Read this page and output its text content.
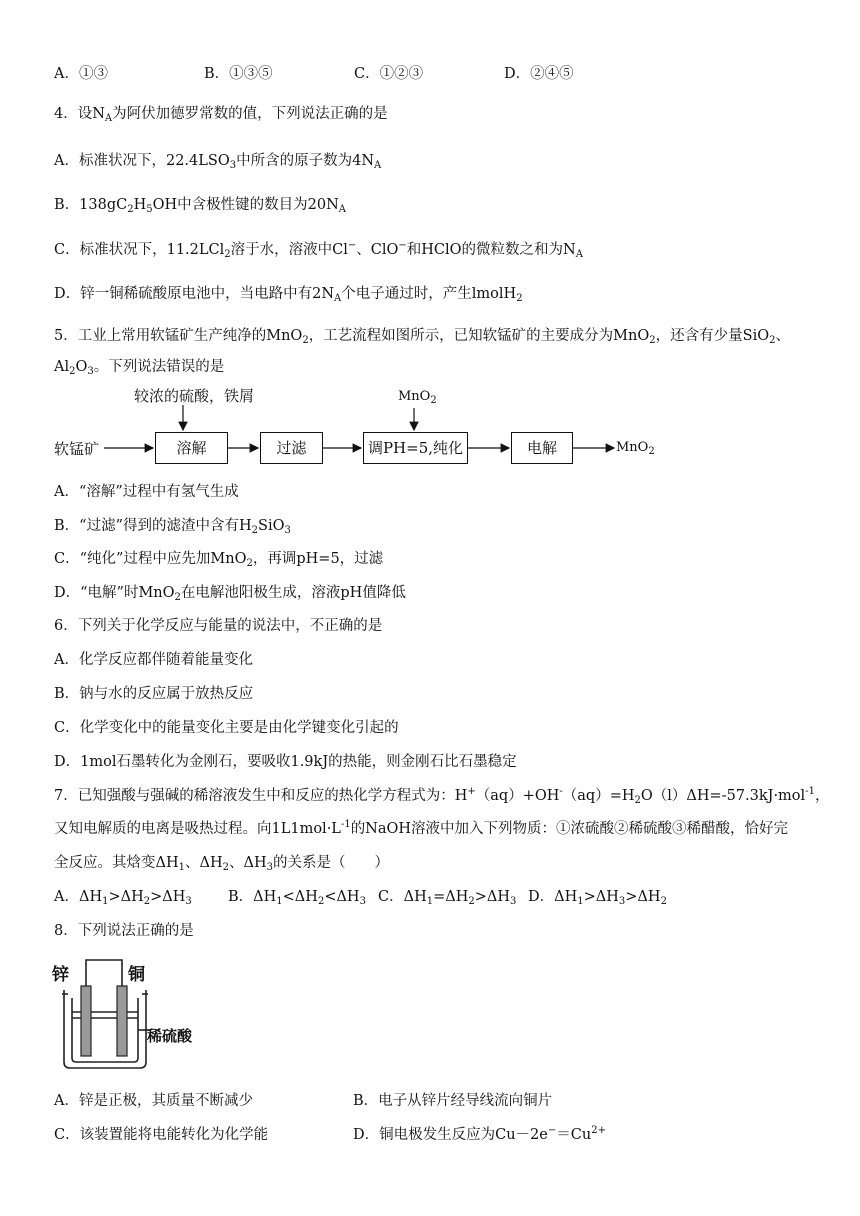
A．①③	B．①③⑤	C．①②③	D．②④⑤
4．设$N_A$为阿伏加德罗常数的值，下列说法正确的是
A．标准状况下，$22.4LSO_3$中所含的原子数为$4N_A$
B．$138gC_2H_5OH$中含极性键的数目为$20N_A$
C．标准状况下，11.2LCl$_2$溶于水，溶液中Cl−、ClO−和HClO的微粒数之和为$N_A$
D．锌一铜稀硫酸原电池中，当电路中有$2N_A$个电子通过时，产生lmolH$_2$
5．工业上常用软锰矿生产纯净的MnO$_2$，工艺流程如图所示，已知软锰矿的主要成分为MnO$_2$，还含有少量SiO$_2$、
$Al_2O_3$。下列说法错误的是
较浓的硫酸，铁屑	MnO$_2$
软锰矿	溶解	过滤	调PH=5,纯化	电解	MnO$_2$
A．“溶解”过程中有氢气生成
B．“过滤”得到的滤渣中含有$H_2SiO_3$
C．“纯化”过程中应先加MnO$_2$，再调pH=5，过滤
D．“电解”时MnO$_2$在电解池阳极生成，溶液pH值降低
6．下列关于化学反应与能量的说法中，不正确的是
A．化学反应都伴随着能量变化
B．钠与水的反应属于放热反应
C．化学变化中的能量变化主要是由化学键变化引起的
D．1mol石墨转化为金刚石，要吸收1.9kJ的热能，则金刚石比石墨稳定
7．已知强酸与强碱的稀溶液发生中和反应的热化学方程式为：$H^+(aq)+OH^-(aq)=H_2O(l)\Delta H=-57.3kJ\cdot mol^{-1}$，
又知电解质的电离是吸热过程。向$1L1mol\cdot L^{-1}$的NaOH溶液中加入下列物质：①浓硫酸②稀硫酸③稀醋酸，恰好完
全反应。其焓变$\Delta H_1$、$\Delta H_2$、$\Delta H_3$的关系是（　　）
A．$\Delta H_1>\Delta H_2>\Delta H_3$ B．$\Delta H_1<\Delta H_2<\Delta H_3$ C．$\Delta H_1=\Delta H_2>\Delta H_3$ D．$\Delta H_1>\Delta H_3>\Delta H_2$
8．下列说法正确的是
锌	铜
稀硫酸
A．锌是正极，其质量不断减少	B．电子从锌片经导线流向铜片
C．该装置能将电能转化为化学能	D．铜电极发生反应为$Cu-2e^-=Cu^{2+}$
